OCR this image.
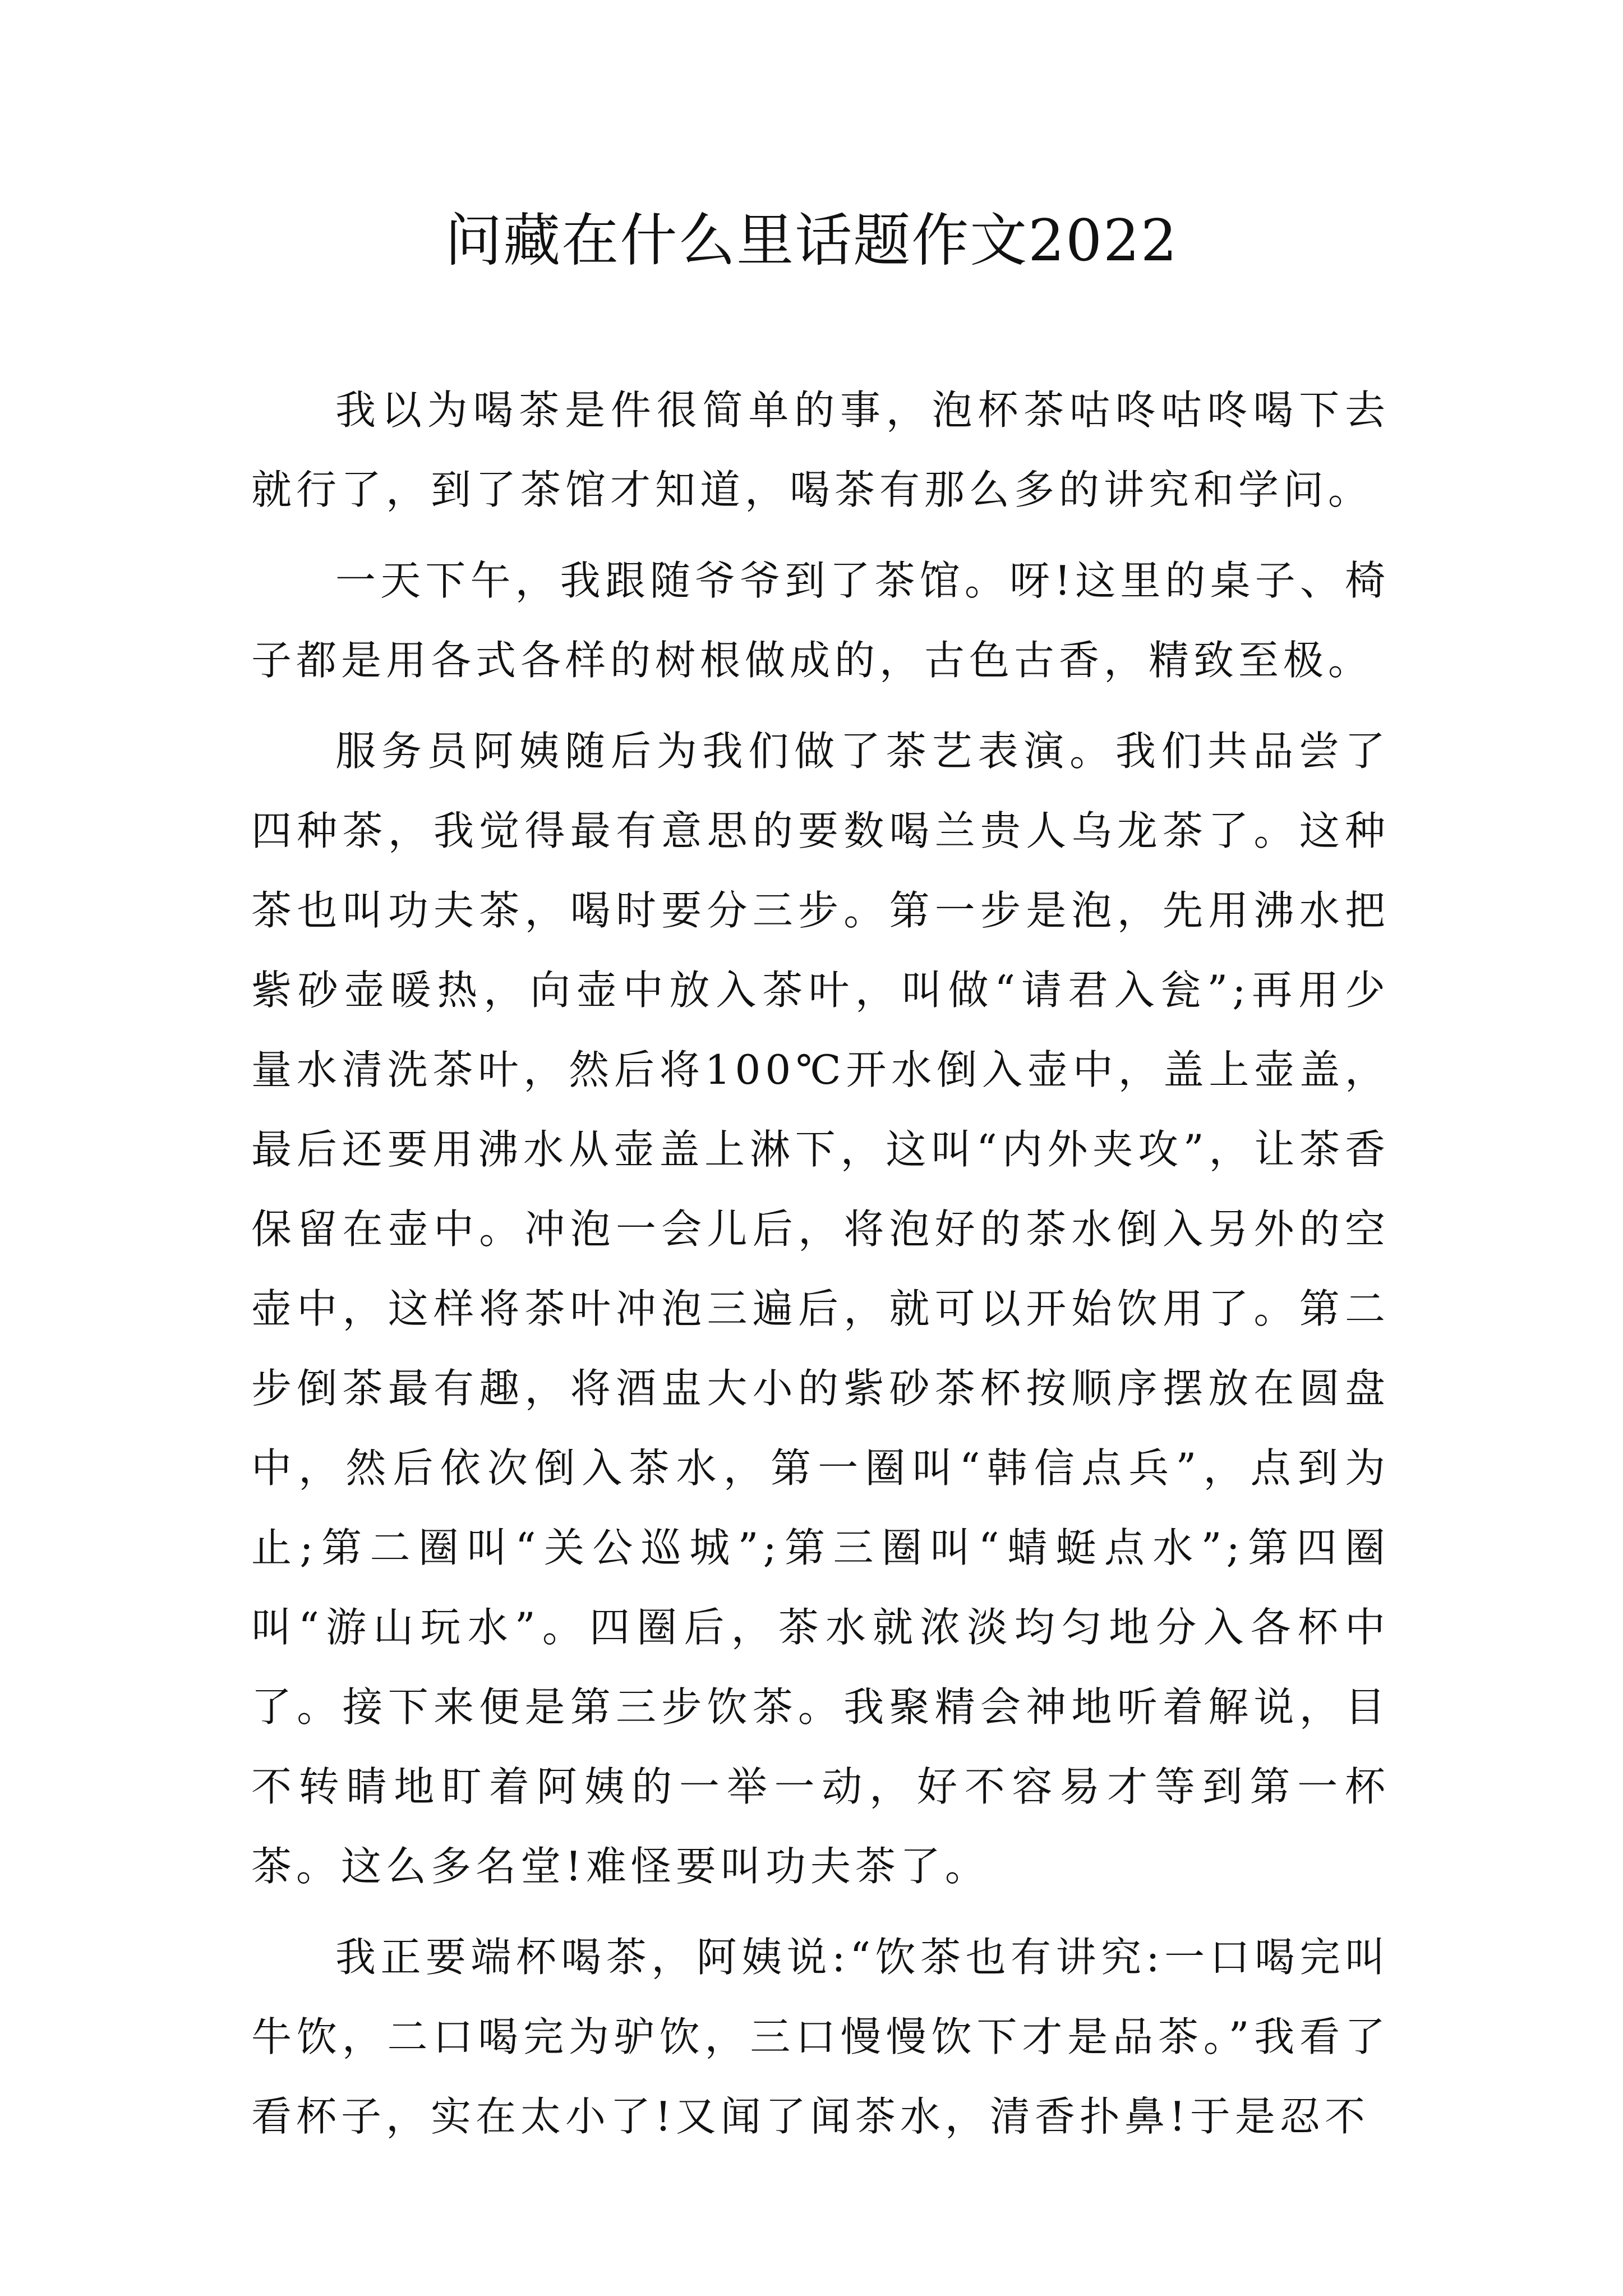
问藏在什么里话题作文2022

我以为喝茶是件很简单的事，泡杯茶咕咚咕咚喝下去就行了，到了茶馆才知道，喝茶有那么多的讲究和学问。

一天下午，我跟随爷爷到了茶馆。呀!这里的桌子、椅子都是用各式各样的树根做成的，古色古香，精致至极。

服务员阿姨随后为我们做了茶艺表演。我们共品尝了四种茶，我觉得最有意思的要数喝兰贵人乌龙茶了。这种茶也叫功夫茶，喝时要分三步。第一步是泡，先用沸水把紫砂壶暖热，向壶中放入茶叶，叫做“请君入瓮”;再用少量水清洗茶叶，然后将100℃开水倒入壶中，盖上壶盖，最后还要用沸水从壶盖上淋下，这叫“内外夹攻”，让茶香保留在壶中。冲泡一会儿后，将泡好的茶水倒入另外的空壶中，这样将茶叶冲泡三遍后，就可以开始饮用了。第二步倒茶最有趣，将酒盅大小的紫砂茶杯按顺序摆放在圆盘中，然后依次倒入茶水，第一圈叫“韩信点兵”，点到为止;第二圈叫“关公巡城”;第三圈叫“蜻蜓点水”;第四圈叫“游山玩水”。四圈后，茶水就浓淡均匀地分入各杯中了。接下来便是第三步饮茶。我聚精会神地听着解说，目不转睛地盯着阿姨的一举一动，好不容易才等到第一杯茶。这么多名堂!难怪要叫功夫茶了。

我正要端杯喝茶，阿姨说:“饮茶也有讲究:一口喝完叫牛饮，二口喝完为驴饮，三口慢慢饮下才是品茶。”我看了看杯子，实在太小了!又闻了闻茶水，清香扑鼻!于是忍不
